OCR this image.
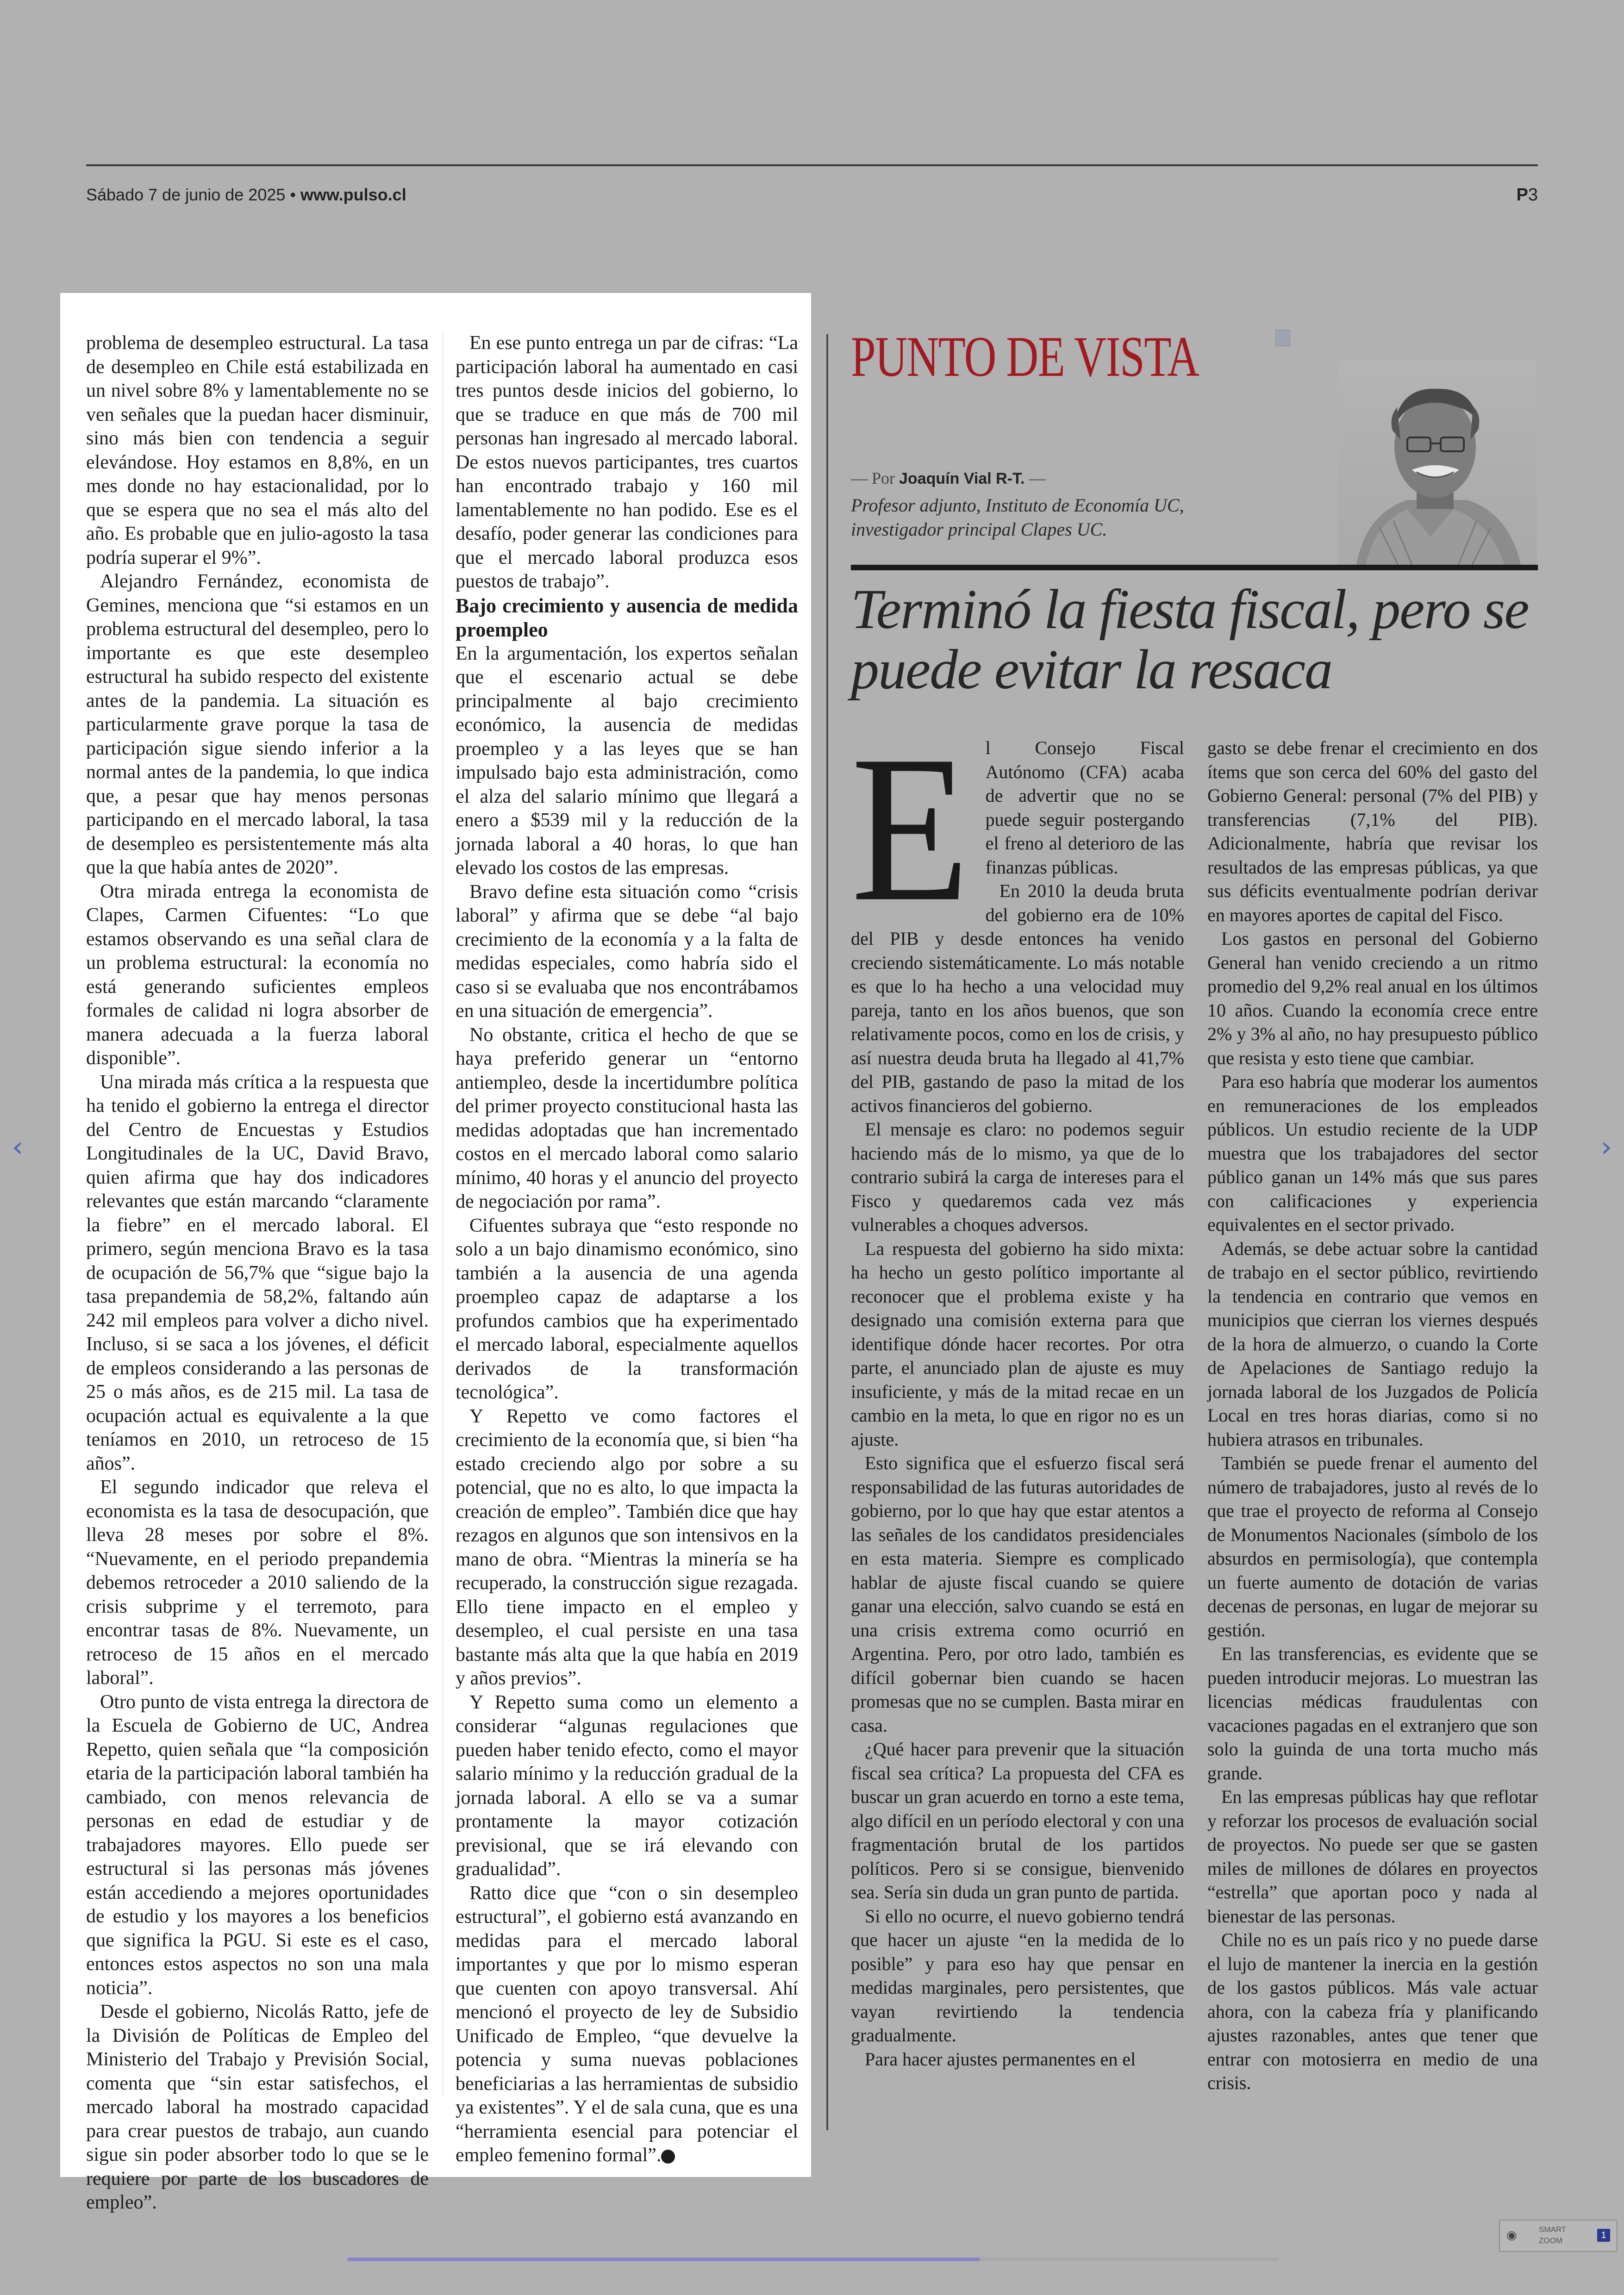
Sábado 7 de junio de 2025 • www.pulso.cl	P3

problema de desempleo estructural. La tasa de desempleo en Chile está estabilizada en un nivel sobre 8% y lamentablemente no se ven señales que la puedan hacer disminuir, sino más bien con tendencia a seguir elevándose. Hoy estamos en 8,8%, en un mes donde no hay estacionalidad, por lo que se espera que no sea el más alto del año. Es probable que en julio-agosto la tasa podría superar el 9%”.

Alejandro Fernández, economista de Gemines, menciona que “si estamos en un problema estructural del desempleo, pero lo importante es que este desempleo estructural ha subido respecto del existente antes de la pandemia. La situación es particularmente grave porque la tasa de participación sigue siendo inferior a la normal antes de la pandemia, lo que indica que, a pesar que hay menos personas participando en el mercado laboral, la tasa de desempleo es persistentemente más alta que la que había antes de 2020”.

Otra mirada entrega la economista de Clapes, Carmen Cifuentes: “Lo que estamos observando es una señal clara de un problema estructural: la economía no está generando suficientes empleos formales de calidad ni logra absorber de manera adecuada a la fuerza laboral disponible”.

Una mirada más crítica a la respuesta que ha tenido el gobierno la entrega el director del Centro de Encuestas y Estudios Longitudinales de la UC, David Bravo, quien afirma que hay dos indicadores relevantes que están marcando “claramente la fiebre” en el mercado laboral. El primero, según menciona Bravo es la tasa de ocupación de 56,7% que “sigue bajo la tasa prepandemia de 58,2%, faltando aún 242 mil empleos para volver a dicho nivel. Incluso, si se saca a los jóvenes, el déficit de empleos considerando a las personas de 25 o más años, es de 215 mil. La tasa de ocupación actual es equivalente a la que teníamos en 2010, un retroceso de 15 años”.

El segundo indicador que releva el economista es la tasa de desocupación, que lleva 28 meses por sobre el 8%. “Nuevamente, en el periodo prepandemia debemos retroceder a 2010 saliendo de la crisis subprime y el terremoto, para encontrar tasas de 8%. Nuevamente, un retroceso de 15 años en el mercado laboral”.

Otro punto de vista entrega la directora de la Escuela de Gobierno de UC, Andrea Repetto, quien señala que “la composición etaria de la participación laboral también ha cambiado, con menos relevancia de personas en edad de estudiar y de trabajadores mayores. Ello puede ser estructural si las personas más jóvenes están accediendo a mejores oportunidades de estudio y los mayores a los beneficios que significa la PGU. Si este es el caso, entonces estos aspectos no son una mala noticia”.

Desde el gobierno, Nicolás Ratto, jefe de la División de Políticas de Empleo del Ministerio del Trabajo y Previsión Social, comenta que “sin estar satisfechos, el mercado laboral ha mostrado capacidad para crear puestos de trabajo, aun cuando sigue sin poder absorber todo lo que se le requiere por parte de los buscadores de empleo”.

En ese punto entrega un par de cifras: “La participación laboral ha aumentado en casi tres puntos desde inicios del gobierno, lo que se traduce en que más de 700 mil personas han ingresado al mercado laboral. De estos nuevos participantes, tres cuartos han encontrado trabajo y 160 mil lamentablemente no han podido. Ese es el desafío, poder generar las condiciones para que el mercado laboral produzca esos puestos de trabajo”.

Bajo crecimiento y ausencia de medida proempleo

En la argumentación, los expertos señalan que el escenario actual se debe principalmente al bajo crecimiento económico, la ausencia de medidas proempleo y a las leyes que se han impulsado bajo esta administración, como el alza del salario mínimo que llegará a enero a $539 mil y la reducción de la jornada laboral a 40 horas, lo que han elevado los costos de las empresas.

Bravo define esta situación como “crisis laboral” y afirma que se debe “al bajo crecimiento de la economía y a la falta de medidas especiales, como habría sido el caso si se evaluaba que nos encontrábamos en una situación de emergencia”.

No obstante, critica el hecho de que se haya preferido generar un “entorno antiempleo, desde la incertidumbre política del primer proyecto constitucional hasta las medidas adoptadas que han incrementado costos en el mercado laboral como salario mínimo, 40 horas y el anuncio del proyecto de negociación por rama”.

Cifuentes subraya que “esto responde no solo a un bajo dinamismo económico, sino también a la ausencia de una agenda proempleo capaz de adaptarse a los profundos cambios que ha experimentado el mercado laboral, especialmente aquellos derivados de la transformación tecnológica”.

Y Repetto ve como factores el crecimiento de la economía que, si bien “ha estado creciendo algo por sobre a su potencial, que no es alto, lo que impacta la creación de empleo”. También dice que hay rezagos en algunos que son intensivos en la mano de obra. “Mientras la minería se ha recuperado, la construcción sigue rezagada. Ello tiene impacto en el empleo y desempleo, el cual persiste en una tasa bastante más alta que la que había en 2019 y años previos”.

Y Repetto suma como un elemento a considerar “algunas regulaciones que pueden haber tenido efecto, como el mayor salario mínimo y la reducción gradual de la jornada laboral. A ello se va a sumar prontamente la mayor cotización previsional, que se irá elevando con gradualidad”.

Ratto dice que “con o sin desempleo estructural”, el gobierno está avanzando en medidas para el mercado laboral importantes y que por lo mismo esperan que cuenten con apoyo transversal. Ahí mencionó el proyecto de ley de Subsidio Unificado de Empleo, “que devuelve la potencia y suma nuevas poblaciones beneficiarias a las herramientas de subsidio ya existentes”. Y el de sala cuna, que es una “herramienta esencial para potenciar el empleo femenino formal”. P

PUNTO DE VISTA
— Por Joaquín Vial R-T. —
Profesor adjunto, Instituto de Economía UC,
investigador principal Clapes UC.
Terminó la fiesta fiscal, pero se puede evitar la resaca
E l Consejo Fiscal Autónomo (CFA) acaba de advertir que no se puede seguir postergando el freno al deterioro de las finanzas públicas.

En 2010 la deuda bruta del gobierno era de 10% del PIB y desde entonces ha venido creciendo sistemáticamente. Lo más notable es que lo ha hecho a una velocidad muy pareja, tanto en los años buenos, que son relativamente pocos, como en los de crisis, y así nuestra deuda bruta ha llegado al 41,7% del PIB, gastando de paso la mitad de los activos financieros del gobierno.

El mensaje es claro: no podemos seguir haciendo más de lo mismo, ya que de lo contrario subirá la carga de intereses para el Fisco y quedaremos cada vez más vulnerables a choques adversos.

La respuesta del gobierno ha sido mixta: ha hecho un gesto político importante al reconocer que el problema existe y ha designado una comisión externa para que identifique dónde hacer recortes. Por otra parte, el anunciado plan de ajuste es muy insuficiente, y más de la mitad recae en un cambio en la meta, lo que en rigor no es un ajuste.

Esto significa que el esfuerzo fiscal será responsabilidad de las futuras autoridades de gobierno, por lo que hay que estar atentos a las señales de los candidatos presidenciales en esta materia. Siempre es complicado hablar de ajuste fiscal cuando se quiere ganar una elección, salvo cuando se está en una crisis extrema como ocurrió en Argentina. Pero, por otro lado, también es difícil gobernar bien cuando se hacen promesas que no se cumplen. Basta mirar en casa.

¿Qué hacer para prevenir que la situación fiscal sea crítica? La propuesta del CFA es buscar un gran acuerdo en torno a este tema, algo difícil en un período electoral y con una fragmentación brutal de los partidos políticos. Pero si se consigue, bienvenido sea. Sería sin duda un gran punto de partida.

Si ello no ocurre, el nuevo gobierno tendrá que hacer un ajuste “en la medida de lo posible” y para eso hay que pensar en medidas marginales, pero persistentes, que vayan revirtiendo la tendencia gradualmente.

Para hacer ajustes permanentes en el

gasto se debe frenar el crecimiento en dos ítems que son cerca del 60% del gasto del Gobierno General: personal (7% del PIB) y transferencias (7,1% del PIB). Adicionalmente, habría que revisar los resultados de las empresas públicas, ya que sus déficits eventualmente podrían derivar en mayores aportes de capital del Fisco.

Los gastos en personal del Gobierno General han venido creciendo a un ritmo promedio del 9,2% real anual en los últimos 10 años. Cuando la economía crece entre 2% y 3% al año, no hay presupuesto público que resista y esto tiene que cambiar.

Para eso habría que moderar los aumentos en remuneraciones de los empleados públicos. Un estudio reciente de la UDP muestra que los trabajadores del sector público ganan un 14% más que sus pares con calificaciones y experiencia equivalentes en el sector privado.

Además, se debe actuar sobre la cantidad de trabajo en el sector público, revirtiendo la tendencia en contrario que vemos en municipios que cierran los viernes después de la hora de almuerzo, o cuando la Corte de Apelaciones de Santiago redujo la jornada laboral de los Juzgados de Policía Local en tres horas diarias, como si no hubiera atrasos en tribunales.

También se puede frenar el aumento del número de trabajadores, justo al revés de lo que trae el proyecto de reforma al Consejo de Monumentos Nacionales (símbolo de los absurdos en permisología), que contempla un fuerte aumento de dotación de varias decenas de personas, en lugar de mejorar su gestión.

En las transferencias, es evidente que se pueden introducir mejoras. Lo muestran las licencias médicas fraudulentas con vacaciones pagadas en el extranjero que son solo la guinda de una torta mucho más grande.

En las empresas públicas hay que reflotar y reforzar los procesos de evaluación social de proyectos. No puede ser que se gasten miles de millones de dólares en proyectos “estrella” que aportan poco y nada al bienestar de las personas.

Chile no es un país rico y no puede darse el lujo de mantener la inercia en la gestión de los gastos públicos. Más vale actuar ahora, con la cabeza fría y planificando ajustes razonables, antes que tener que entrar con motosierra en medio de una crisis.

‹	›
◉	SMART
ZOOM
1
